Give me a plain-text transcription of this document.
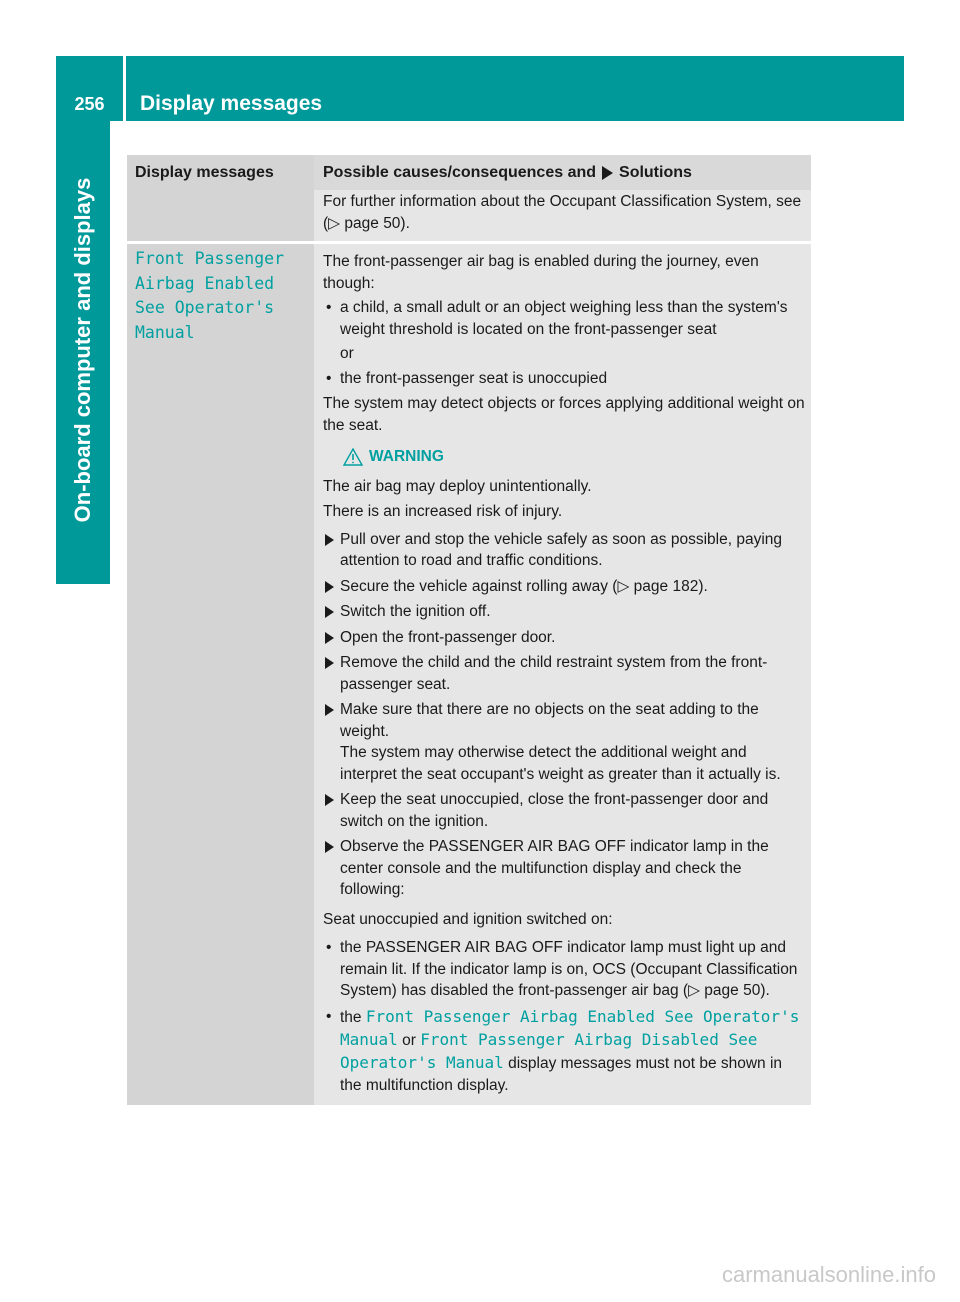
256	Display messages
On-board computer and displays
Display messages	Possible causes/consequences and Solutions

For further information about the Occupant Classification System, see (▷ page 50).

Front Passenger
Airbag Enabled
See Operator's
Manual

The front-passenger air bag is enabled during the journey, even though:

• a child, a small adult or an object weighing less than the system's weight threshold is located on the front-passenger seat

or

• the front-passenger seat is unoccupied

The system may detect objects or forces applying additional weight on the seat.

WARNING

The air bag may deploy unintentionally.

There is an increased risk of injury.

Pull over and stop the vehicle safely as soon as possible, paying attention to road and traffic conditions.

Secure the vehicle against rolling away (▷ page 182).

Switch the ignition off.

Open the front-passenger door.

Remove the child and the child restraint system from the front-passenger seat.

Make sure that there are no objects on the seat adding to the weight.
The system may otherwise detect the additional weight and interpret the seat occupant's weight as greater than it actually is.

Keep the seat unoccupied, close the front-passenger door and switch on the ignition.

Observe the PASSENGER AIR BAG OFF indicator lamp in the center console and the multifunction display and check the following:

Seat unoccupied and ignition switched on:

• the PASSENGER AIR BAG OFF indicator lamp must light up and remain lit. If the indicator lamp is on, OCS (Occupant Classification System) has disabled the front-passenger air bag (▷ page 50).

• the Front Passenger Airbag Enabled See Operator's Manual or Front Passenger Airbag Disabled See Operator's Manual display messages must not be shown in the multifunction display.

carmanualsonline.info
